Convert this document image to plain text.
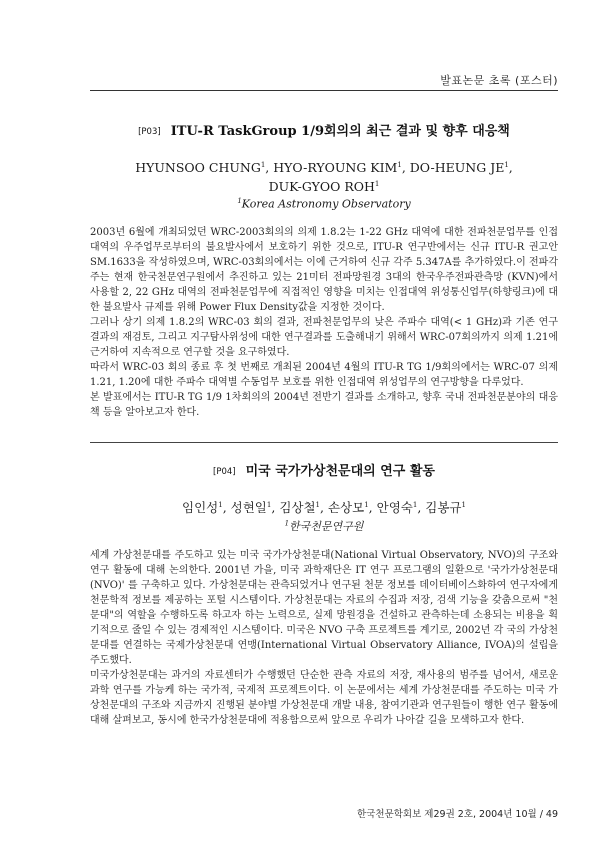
발표논문 초록 (포스터)
[P03] ITU-R TaskGroup 1/9회의의 최근 결과 및 향후 대응책
HYUNSOO CHUNG$^1$, HYO-RYOUNG KIM$^1$, DO-HEUNG $JE^1$, DUK-GYOO ROH$^1$
$^1$Korea Astronomy Observatory

2003년 6월에 개최되었던 WRC-2003회의의 의제 1.8.2는 1-22 GHz 대역에 대한 전파천문업무를 인접대역의 우주업무로부터의 불요발사에서 보호하기 위한 것으로, ITU-R 연구반에서는 신규 ITU-R 권고안 SM.1633을 작성하였으며, WRC-03회의에서는 이에 근거하여 신규 각주 5.347A를 추가하였다.이 전파각주는 현재 한국천문연구원에서 추진하고 있는 21미터 전파망원경 3대의 한국우주전파관측망 (KVN)에서 사용할 2, 22 GHz 대역의 전파천문업무에 직접적인 영향을 미치는 인접대역 위성통신업무(하향링크)에 대한 불요발사 규제를 위해 Power Flux Density값을 지정한 것이다.

그러나 상기 의제 1.8.2의 WRC-03 회의 결과, 전파천문업무의 낮은 주파수 대역(< 1 GHz)과 기존 연구결과의 재검토, 그리고 지구탐사위성에 대한 연구결과를 도출해내기 위해서 WRC-07회의까지 의제 1.21에 근거하여 지속적으로 연구할 것을 요구하였다.

따라서 WRC-03 회의 종료 후 첫 번째로 개최된 2004년 4월의 ITU-R TG 1/9회의에서는 WRC-07 의제 1.21, 1.20에 대한 주파수 대역별 수동업무 보호를 위한 인접대역 위성업무의 연구방향을 다루었다.

본 발표에서는 ITU-R TG 1/9 1차회의의 2004년 전반기 결과를 소개하고, 향후 국내 전파천문분야의 대응책 등을 알아보고자 한다.

[P04] 미국 국가가상천문대의 연구 활동
임인성$^1$, 성현일$^1$, 김상철$^1$, 손상모$^1$, 안영숙$^1$, 김봉규$^1$
$^1$한국천문연구원

세계 가상천문대를 주도하고 있는 미국 국가가상천문대(National Virtual Observatory, NVO)의 구조와 연구 활동에 대해 논의한다. 2001년 가을, 미국 과학재단은 IT 연구 프로그램의 일환으로 '국가가상천문대(NVO)' 를 구축하고 있다. 가상천문대는 관측되었거나 연구된 천문 정보를 데이터베이스화하여 연구자에게 천문학적 정보를 제공하는 포털 시스템이다. 가상천문대는 자료의 수집과 저장, 검색 기능을 갖춤으로써 "천문대"의 역할을 수행하도록 하고자 하는 노력으로, 실제 망원경을 건설하고 관측하는데 소용되는 비용을 획기적으로 줄일 수 있는 경제적인 시스템이다. 미국은 NVO 구축 프로젝트를 계기로, 2002년 각 국의 가상천문대를 연결하는 국제가상천문대 연맹(International Virtual Observatory Alliance, IVOA)의 설립을 주도했다.

미국가상천문대는 과거의 자료센터가 수행했던 단순한 관측 자료의 저장, 재사용의 범주를 넘어서, 새로운 과학 연구를 가능케 하는 국가적, 국제적 프로젝트이다. 이 논문에서는 세계 가상천문대를 주도하는 미국 가상천문대의 구조와 지금까지 진행된 분야별 가상천문대 개발 내용, 참여기관과 연구원들이 행한 연구 활동에 대해 살펴보고, 동시에 한국가상천문대에 적용함으로써 앞으로 우리가 나아갈 길을 모색하고자 한다.

한국천문학회보 제29권 2호, 2004년 10월 / 49
